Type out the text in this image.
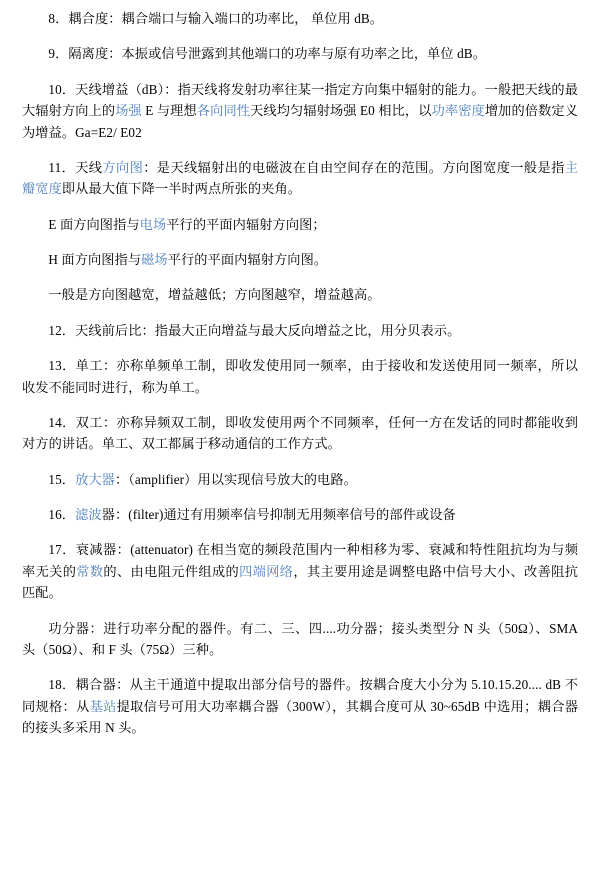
8．耦合度：耦合端口与输入端口的功率比， 单位用 dB。

9．隔离度：本振或信号泄露到其他端口的功率与原有功率之比，单位 dB。

10．天线增益（dB）：指天线将发射功率往某一指定方向集中辐射的能力。一般把天线的最大辐射方向上的场强 E 与理想各向同性天线均匀辐射场强 E0 相比，以功率密度增加的倍数定义为增益。Ga=E2/ E02

11．天线方向图：是天线辐射出的电磁波在自由空间存在的范围。方向图宽度一般是指主瓣宽度即从最大值下降一半时两点所张的夹角。

E 面方向图指与电场平行的平面内辐射方向图；

H 面方向图指与磁场平行的平面内辐射方向图。

一般是方向图越宽，增益越低；方向图越窄，增益越高。

12．天线前后比：指最大正向增益与最大反向增益之比，用分贝表示。

13．单工：亦称单频单工制，即收发使用同一频率，由于接收和发送使用同一频率，所以收发不能同时进行，称为单工。

14．双工：亦称异频双工制，即收发使用两个不同频率，任何一方在发话的同时都能收到对方的讲话。单工、双工都属于移动通信的工作方式。

15．放大器：（amplifier）用以实现信号放大的电路。

16．滤波器：(filter)通过有用频率信号抑制无用频率信号的部件或设备

17．衰减器：(attenuator) 在相当宽的频段范围内一种相移为零、衰减和特性阻抗均为与频率无关的常数的、由电阻元件组成的四端网络，其主要用途是调整电路中信号大小、改善阻抗匹配。

功分器：进行功率分配的器件。有二、三、四....功分器；接头类型分 N 头（50Ω）、SMA 头（50Ω）、和 F 头（75Ω）三种。

18．耦合器：从主干通道中提取出部分信号的器件。按耦合度大小分为 5.10.15.20.... dB 不同规格：从基站提取信号可用大功率耦合器（300W），其耦合度可从 30~65dB 中选用；耦合器的接头多采用 N 头。
